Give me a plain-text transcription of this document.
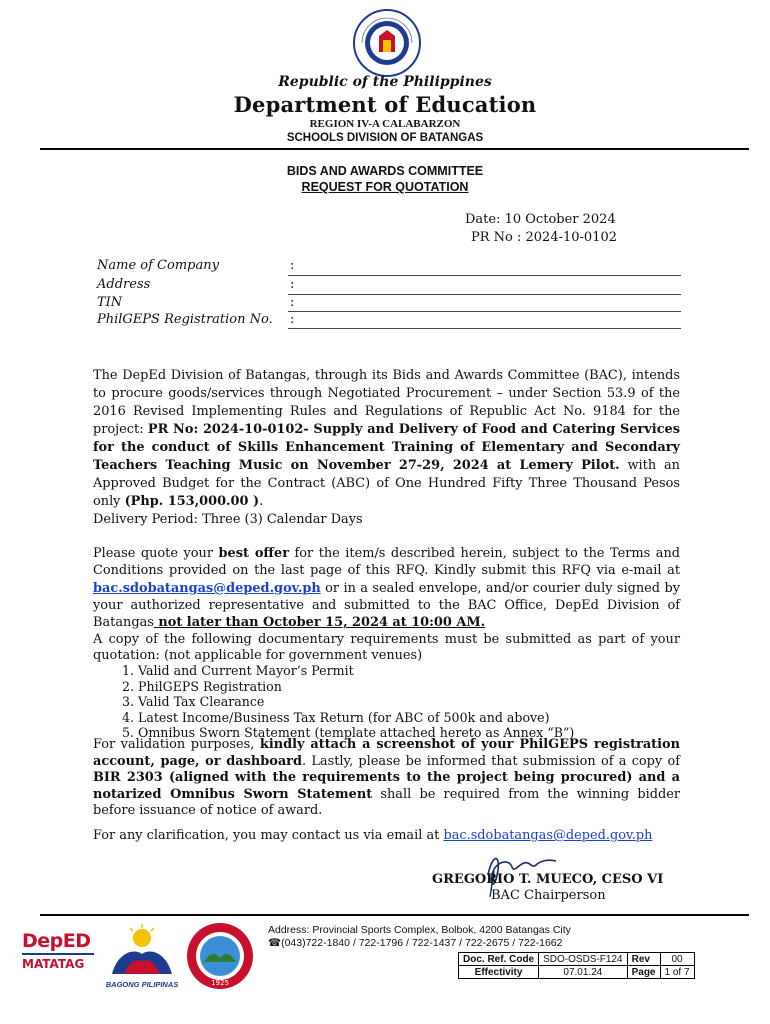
Republic of the Philippines
Department of Education
REGION IV-A CALABARZON
SCHOOLS DIVISION OF BATANGAS
BIDS AND AWARDS COMMITTEE
REQUEST FOR QUOTATION
Date: 10 October 2024
PR No : 2024-10-0102
Name of Company	:
Address	:
TIN	:
PhilGEPS Registration No. :
The DepEd Division of Batangas, through its Bids and Awards Committee (BAC), intends to procure goods/services through Negotiated Procurement – under Section 53.9 of the 2016 Revised Implementing Rules and Regulations of Republic Act No. 9184 for the project: PR No: 2024-10-0102- Supply and Delivery of Food and Catering Services for the conduct of Skills Enhancement Training of Elementary and Secondary Teachers Teaching Music on November 27-29, 2024 at Lemery Pilot. with an Approved Budget for the Contract (ABC) of One Hundred Fifty Three Thousand Pesos only (Php. 153,000.00 ).
Delivery Period: Three (3) Calendar Days
Please quote your best offer for the item/s described herein, subject to the Terms and Conditions provided on the last page of this RFQ. Kindly submit this RFQ via e-mail at bac.sdobatangas@deped.gov.ph or in a sealed envelope, and/or courier duly signed by your authorized representative and submitted to the BAC Office, DepEd Division of Batangas not later than October 15, 2024 at 10:00 AM.
A copy of the following documentary requirements must be submitted as part of your quotation: (not applicable for government venues)
1. Valid and Current Mayor’s Permit
2. PhilGEPS Registration
3. Valid Tax Clearance
4. Latest Income/Business Tax Return (for ABC of 500k and above)
5. Omnibus Sworn Statement (template attached hereto as Annex “B”)
For validation purposes, kindly attach a screenshot of your PhilGEPS registration account, page, or dashboard. Lastly, please be informed that submission of a copy of BIR 2303 (aligned with the requirements to the project being procured) and a notarized Omnibus Sworn Statement shall be required from the winning bidder before issuance of notice of award.
For any clarification, you may contact us via email at bac.sdobatangas@deped.gov.ph
GREGORIO T. MUECO, CESO VI
BAC Chairperson
DepED
MATATAG
BAGONG PILIPINAS	1925
Address: Provincial Sports Complex, Bolbok, 4200 Batangas City
☎(043)722-1840 / 722-1796 / 722-1437 / 722-2675 / 722-1662
Doc. Ref. Code	SDO-OSDS-F124	Rev	00
Effectivity	07.01.24	Page	1 of 7
